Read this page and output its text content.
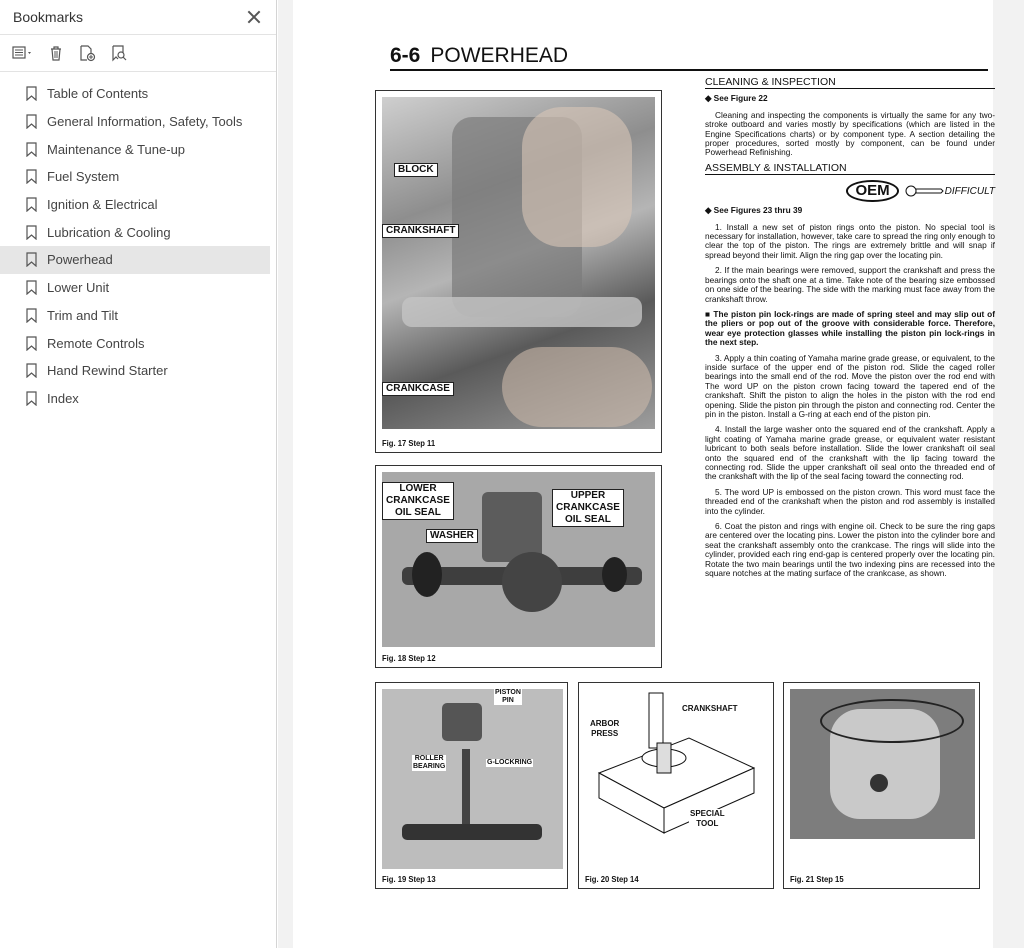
Bookmarks
Table of Contents
General Information, Safety, Tools
Maintenance & Tune-up
Fuel System
Ignition & Electrical
Lubrication & Cooling
Powerhead
Lower Unit
Trim and Tilt
Remote Controls
Hand Rewind Starter
Index
6-6 POWERHEAD
BLOCK
CRANKSHAFT
CRANKCASE
Fig. 17 Step 11
LOWER
CRANKCASE
OIL SEAL
WASHER
UPPER
CRANKCASE
OIL SEAL
Fig. 18 Step 12
PISTON
PIN
ROLLER
BEARING
G-LOCKRING
Fig. 19 Step 13
ARBOR
PRESS
CRANKSHAFT
SPECIAL
TOOL
Fig. 20 Step 14	Fig. 21 Step 15
CLEANING & INSPECTION

◆ See Figure 22

Cleaning and inspecting the components is virtually the same for any two-stroke outboard and varies mostly by specifications (which are listed in the Engine Specifications charts) or by component type. A section detailing the proper procedures, sorted mostly by component, can be found under Powerhead Refinishing.

ASSEMBLY & INSTALLATION
OEM	DIFFICULT

◆ See Figures 23 thru 39

1. Install a new set of piston rings onto the piston. No special tool is necessary for installation, however, take care to spread the ring only enough to clear the top of the piston. The rings are extremely brittle and will snap if spread beyond their limit. Align the ring gap over the locating pin.

2. If the main bearings were removed, support the crankshaft and press the bearings onto the shaft one at a time. Take note of the bearing size embossed on one side of the bearing. The side with the marking must face away from the crankshaft throw.

■ The piston pin lock-rings are made of spring steel and may slip out of the pliers or pop out of the groove with considerable force. Therefore, wear eye protection glasses while installing the piston pin lock-rings in the next step.

3. Apply a thin coating of Yamaha marine grade grease, or equivalent, to the inside surface of the upper end of the piston rod. Slide the caged roller bearings into the small end of the rod. Move the piston over the rod end with The word UP on the piston crown facing toward the tapered end of the crankshaft. Shift the piston to align the holes in the piston with the rod end opening. Slide the piston pin through the piston and connecting rod. Center the pin in the piston. Install a G-ring at each end of the piston pin.

4. Install the large washer onto the squared end of the crankshaft. Apply a light coating of Yamaha marine grade grease, or equivalent water resistant lubricant to both seals before installation. Slide the lower crankshaft oil seal onto the squared end of the crankshaft with the lip facing toward the connecting rod. Slide the upper crankshaft oil seal onto the threaded end of the crankshaft with the lip of the seal facing toward the connecting rod.

5. The word UP is embossed on the piston crown. This word must face the threaded end of the crankshaft when the piston and rod assembly is installed into the cylinder.

6. Coat the piston and rings with engine oil. Check to be sure the ring gaps are centered over the locating pins. Lower the piston into the cylinder bore and seat the crankshaft assembly onto the crankcase. The rings will slide into the cylinder, provided each ring end-gap is centered properly over the locating pin. Rotate the two main bearings until the two indexing pins are recessed into the square notches at the mating surface of the crankcase, as shown.
